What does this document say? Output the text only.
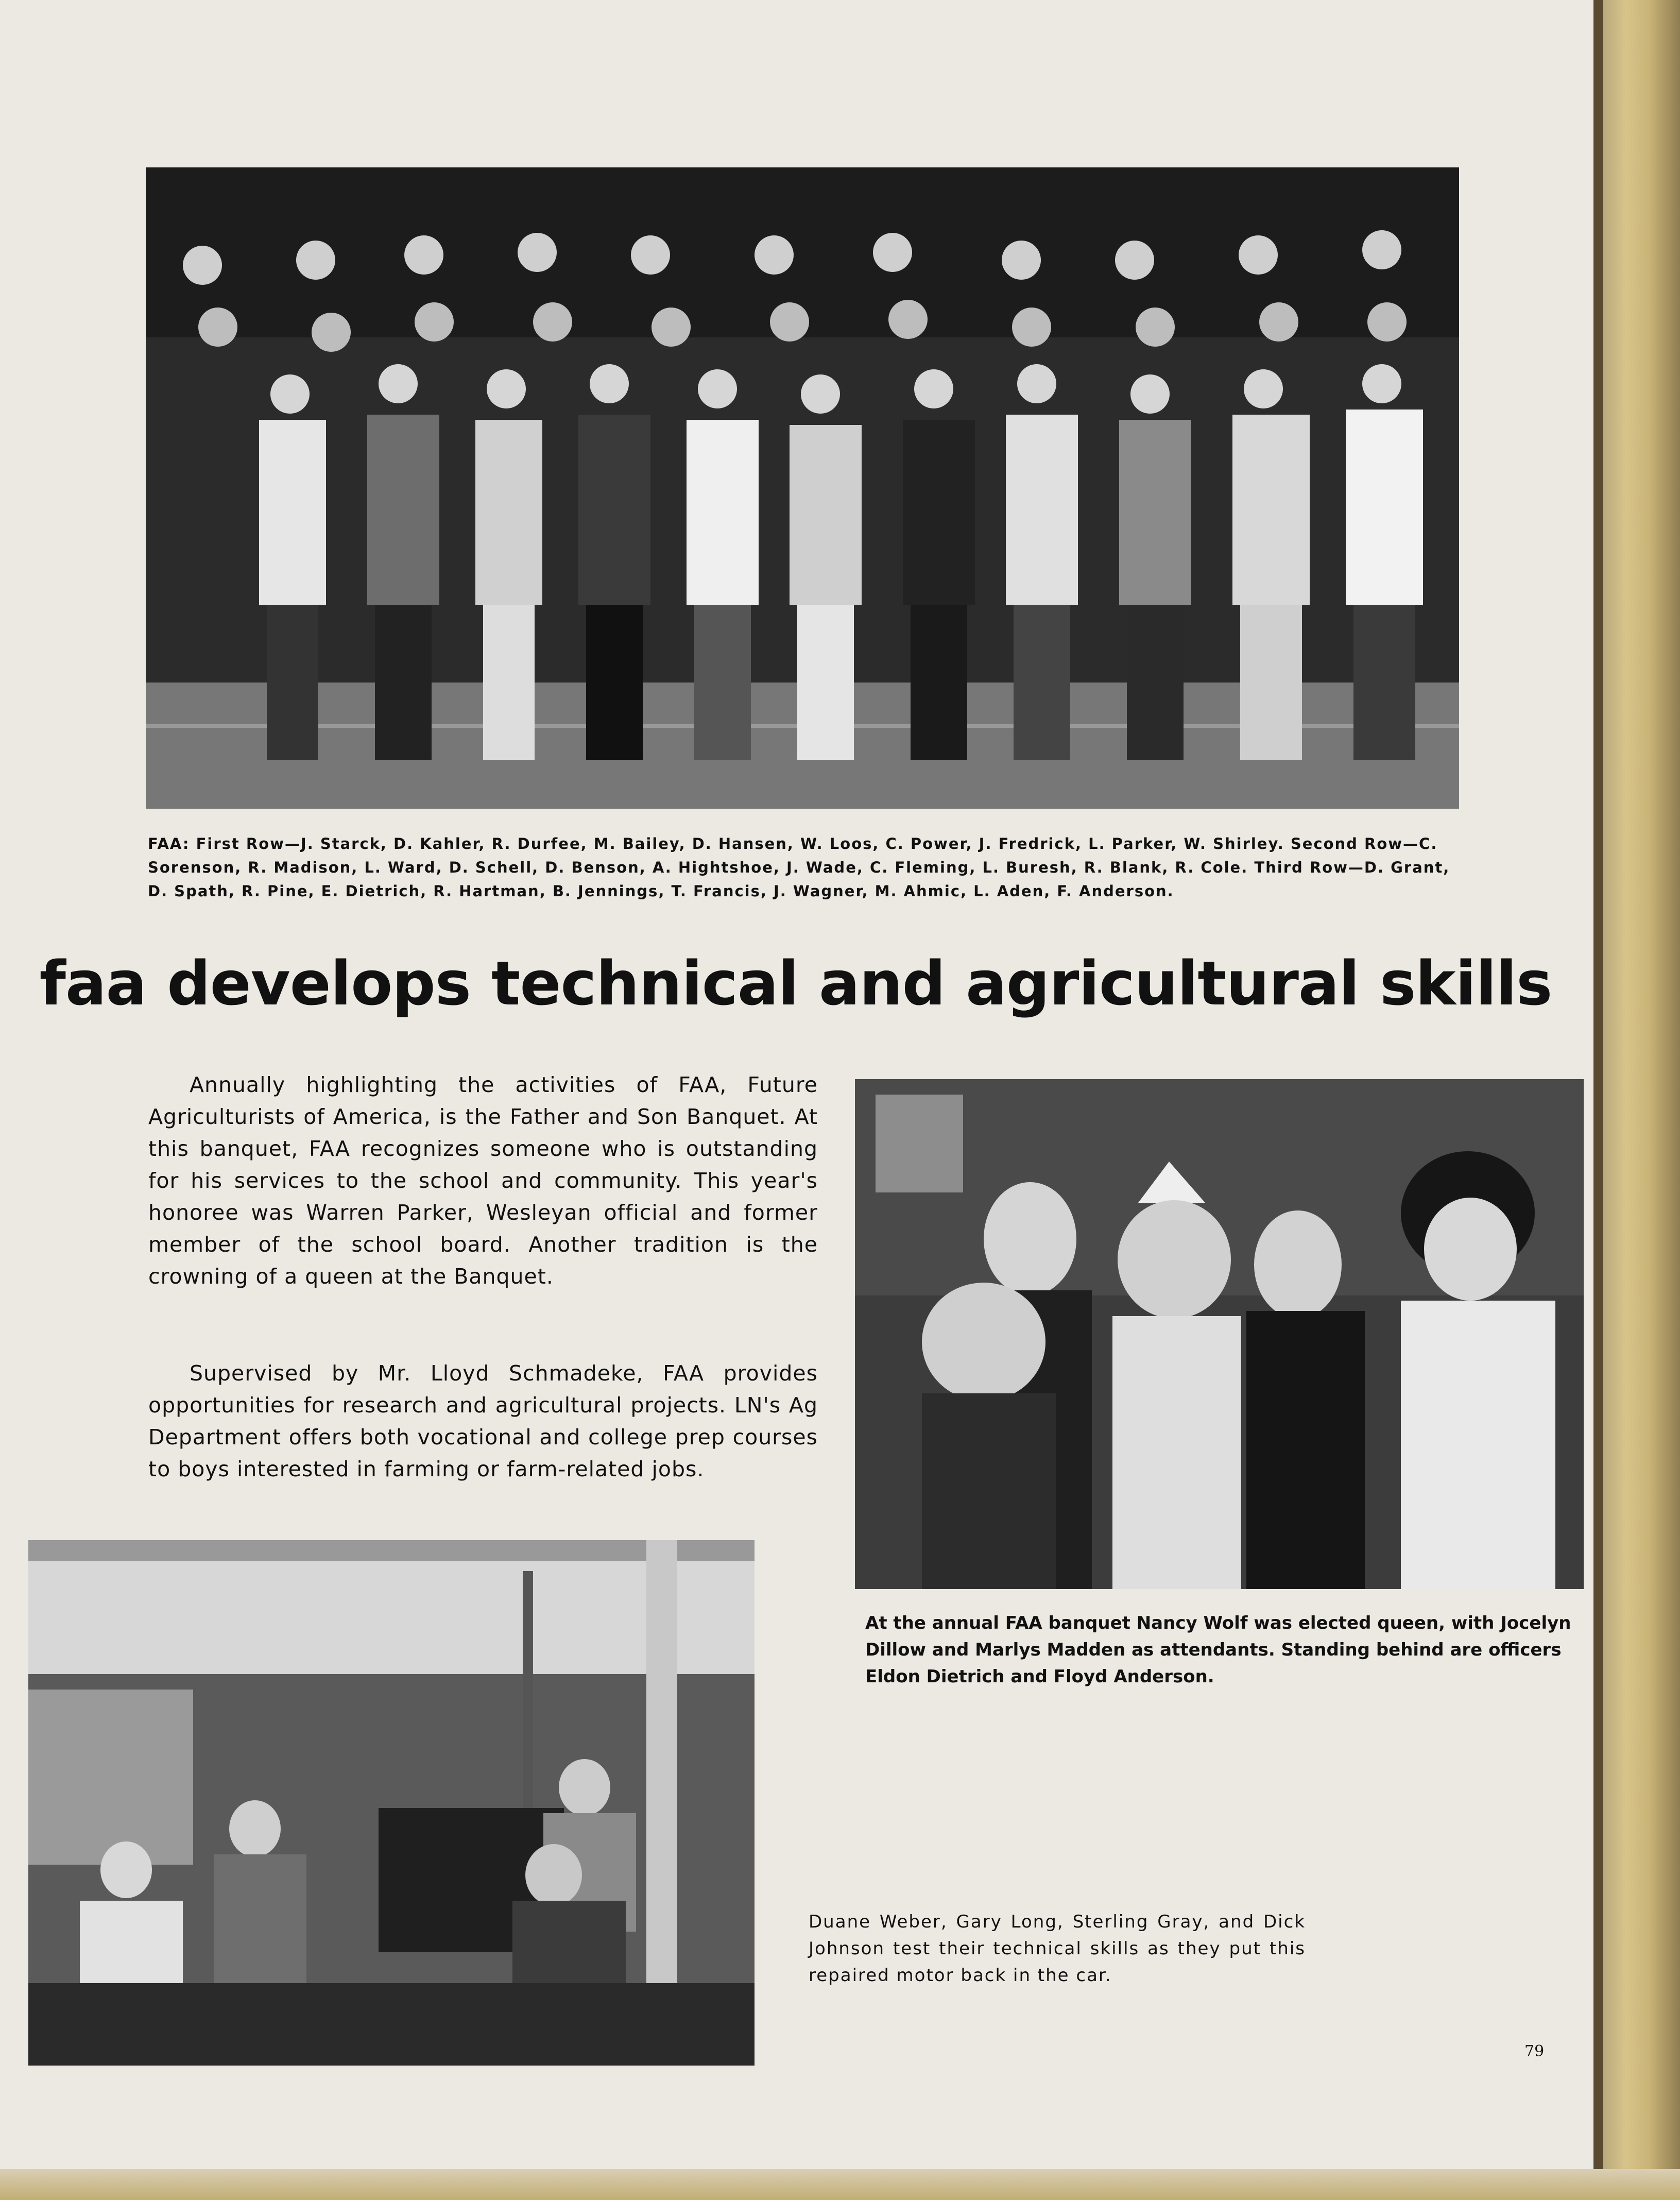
FAA: First Row—J. Starck, D. Kahler, R. Durfee, M. Bailey, D. Hansen, W. Loos, C. Power, J. Fredrick, L. Parker, W. Shirley. Second Row—C. Sorenson, R. Madison, L. Ward, D. Schell, D. Benson, A. Hightshoe, J. Wade, C. Fleming, L. Buresh, R. Blank, R. Cole. Third Row—D. Grant, D. Spath, R. Pine, E. Dietrich, R. Hartman, B. Jennings, T. Francis, J. Wagner, M. Ahmic, L. Aden, F. Anderson.

faa develops technical and agricultural skills

Annually highlighting the activities of FAA, Future Agriculturists of America, is the Father and Son Banquet. At this banquet, FAA recognizes someone who is outstanding for his services to the school and community. This year's honoree was Warren Parker, Wesleyan official and former member of the school board. Another tradition is the crowning of a queen at the Banquet.

Supervised by Mr. Lloyd Schmadeke, FAA provides opportunities for research and agricultural projects. LN's Ag Department offers both vocational and college prep courses to boys interested in farming or farm-related jobs.

At the annual FAA banquet Nancy Wolf was elected queen, with Jocelyn Dillow and Marlys Madden as attendants. Standing behind are officers Eldon Dietrich and Floyd Anderson.

Duane Weber, Gary Long, Sterling Gray, and Dick Johnson test their technical skills as they put this repaired motor back in the car.

79
